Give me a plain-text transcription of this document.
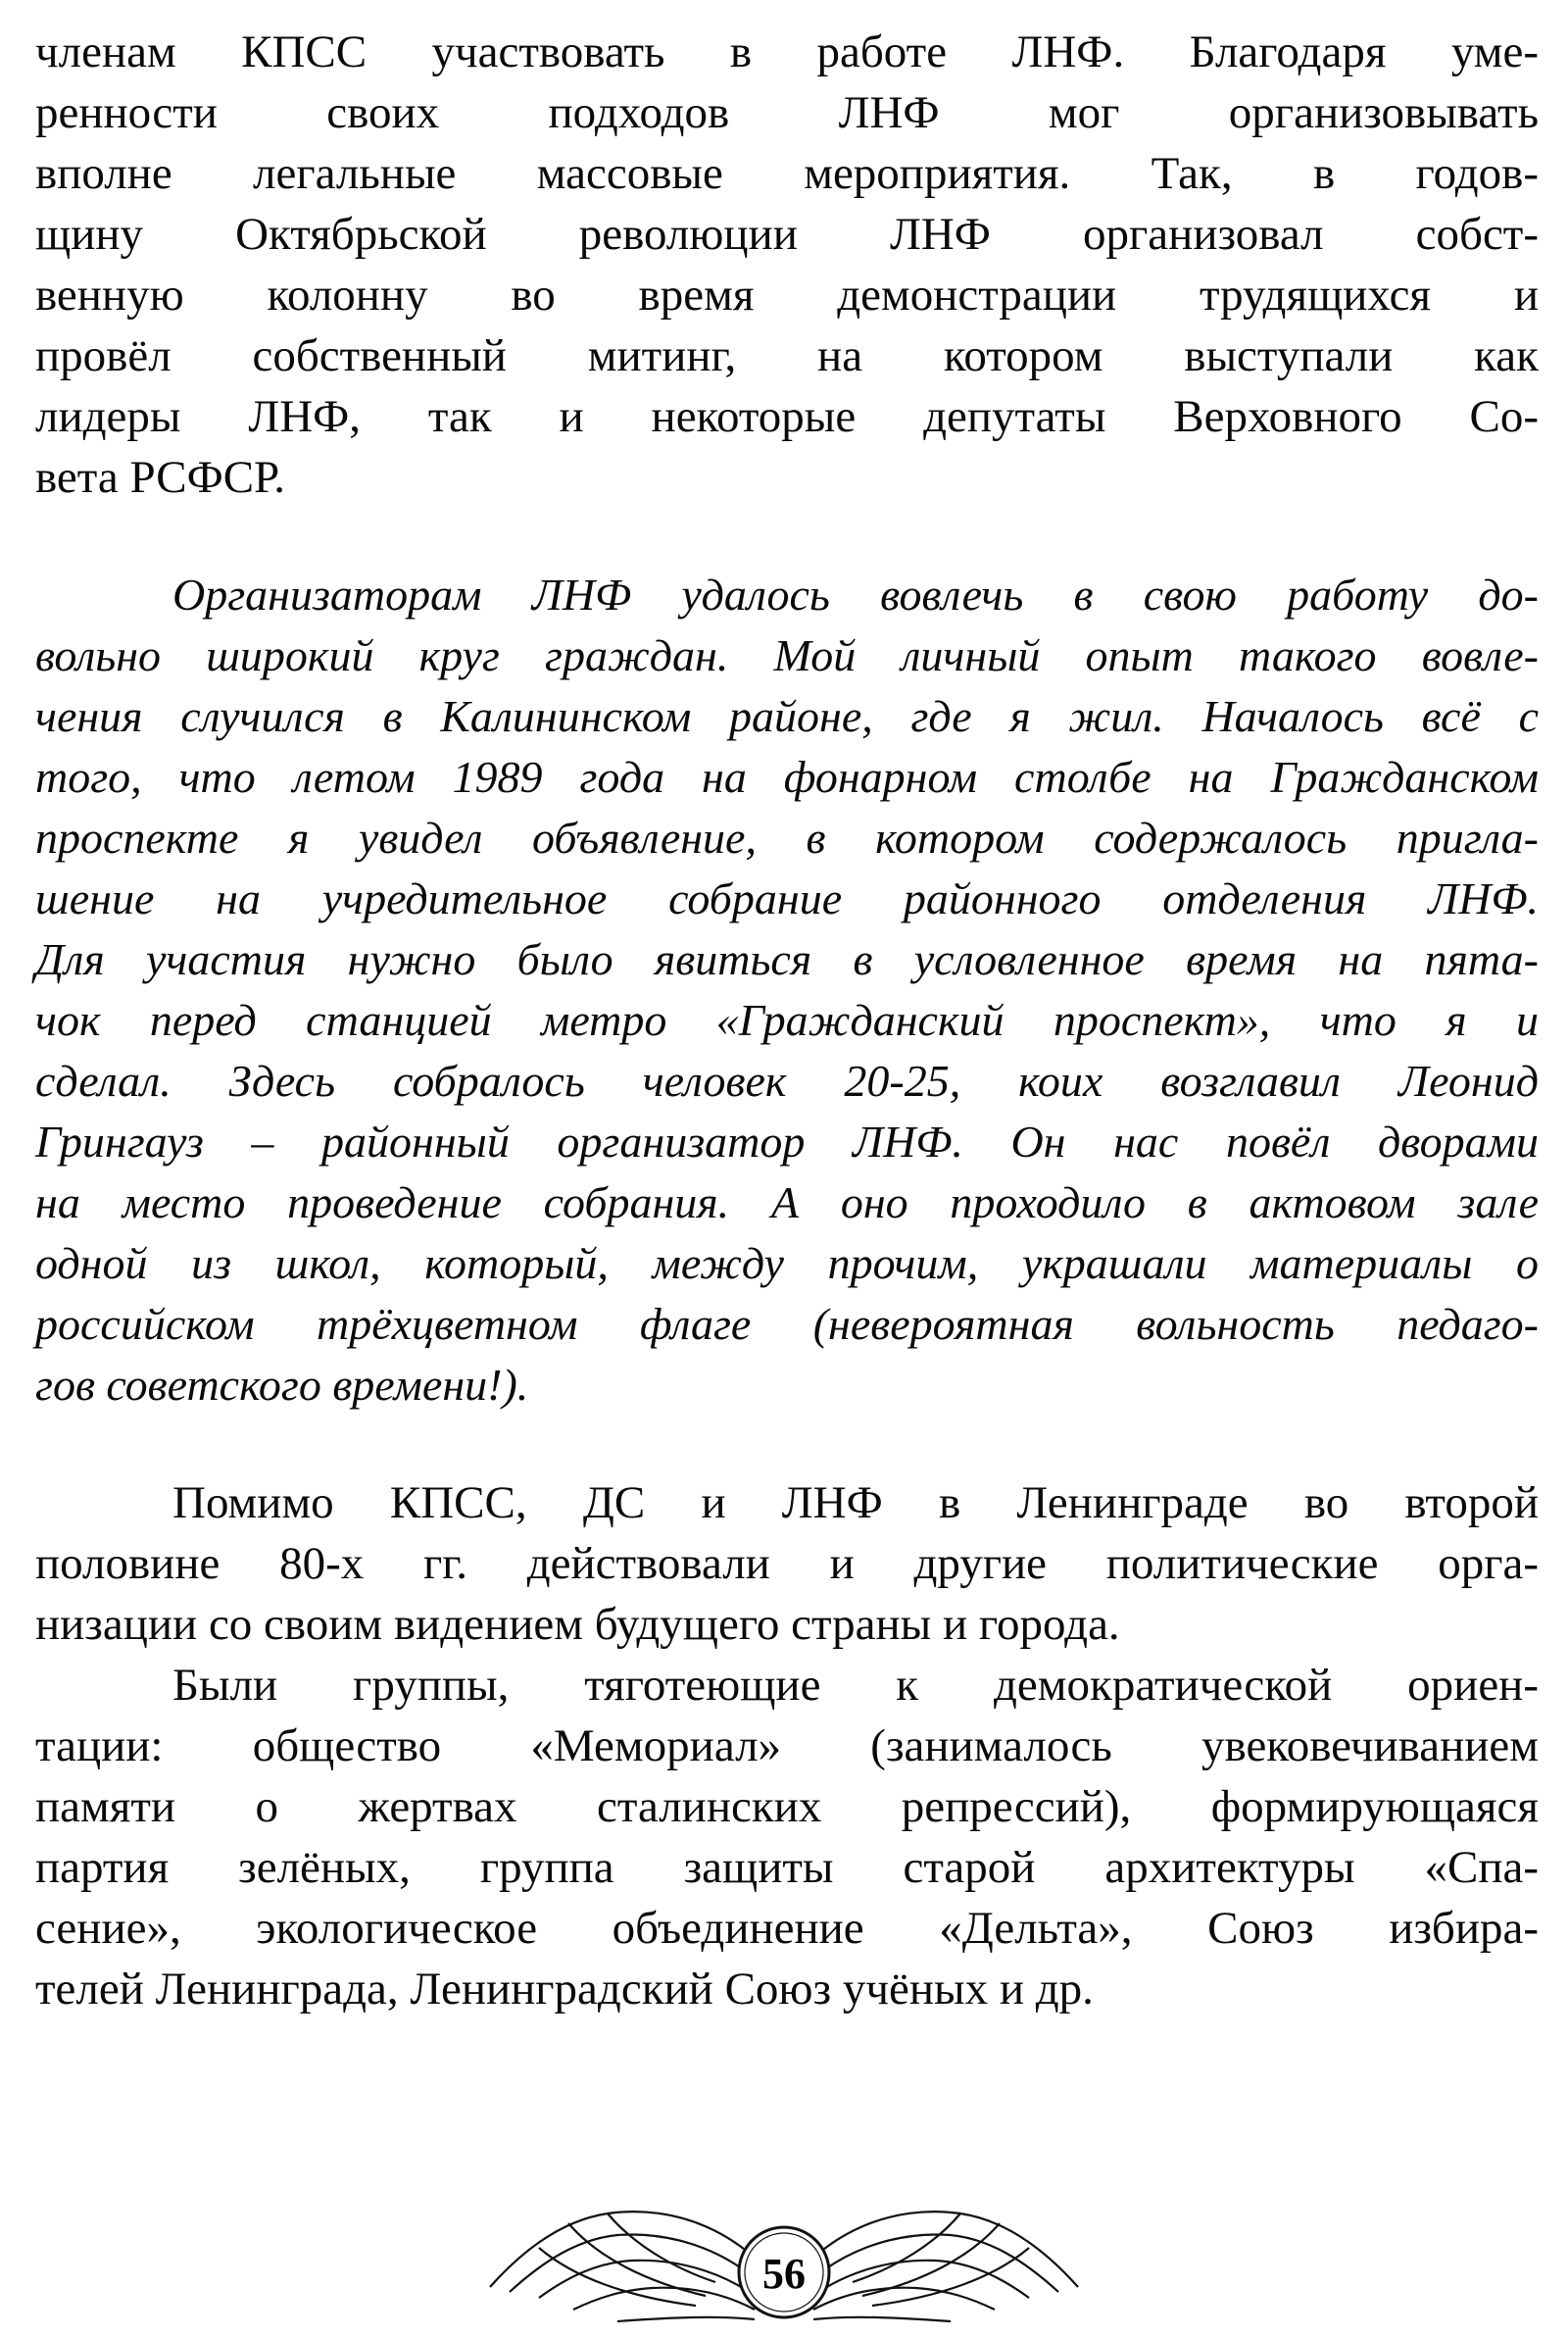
членам КПСС участвовать в работе ЛНФ. Благодаря уме-
ренности своих подходов ЛНФ мог организовывать
вполне легальные массовые мероприятия. Так, в годов-
щину Октябрьской революции ЛНФ организовал собст-
венную колонну во время демонстрации трудящихся и
провёл собственный митинг, на котором выступали как
лидеры ЛНФ, так и некоторые депутаты Верховного Со-
вета РСФСР.
Организаторам ЛНФ удалось вовлечь в свою работу до-
вольно широкий круг граждан. Мой личный опыт такого вовле-
чения случился в Калининском районе, где я жил. Началось всё с
того, что летом 1989 года на фонарном столбе на Гражданском
проспекте я увидел объявление, в котором содержалось пригла-
шение на учредительное собрание районного отделения ЛНФ.
Для участия нужно было явиться в условленное время на пята-
чок перед станцией метро «Гражданский проспект», что я и
сделал. Здесь собралось человек 20-25, коих возглавил Леонид
Грингауз – районный организатор ЛНФ. Он нас повёл дворами
на место проведение собрания. А оно проходило в актовом зале
одной из школ, который, между прочим, украшали материалы о
российском трёхцветном флаге (невероятная вольность педаго-
гов советского времени!).
Помимо КПСС, ДС и ЛНФ в Ленинграде во второй
половине 80-х гг. действовали и другие политические орга-
низации со своим видением будущего страны и города.
Были группы, тяготеющие к демократической ориен-
тации: общество «Мемориал» (занималось увековечиванием
памяти о жертвах сталинских репрессий), формирующаяся
партия зелёных, группа защиты старой архитектуры «Спа-
сение», экологическое объединение «Дельта», Союз избира-
телей Ленинграда, Ленинградский Союз учёных и др.
56
